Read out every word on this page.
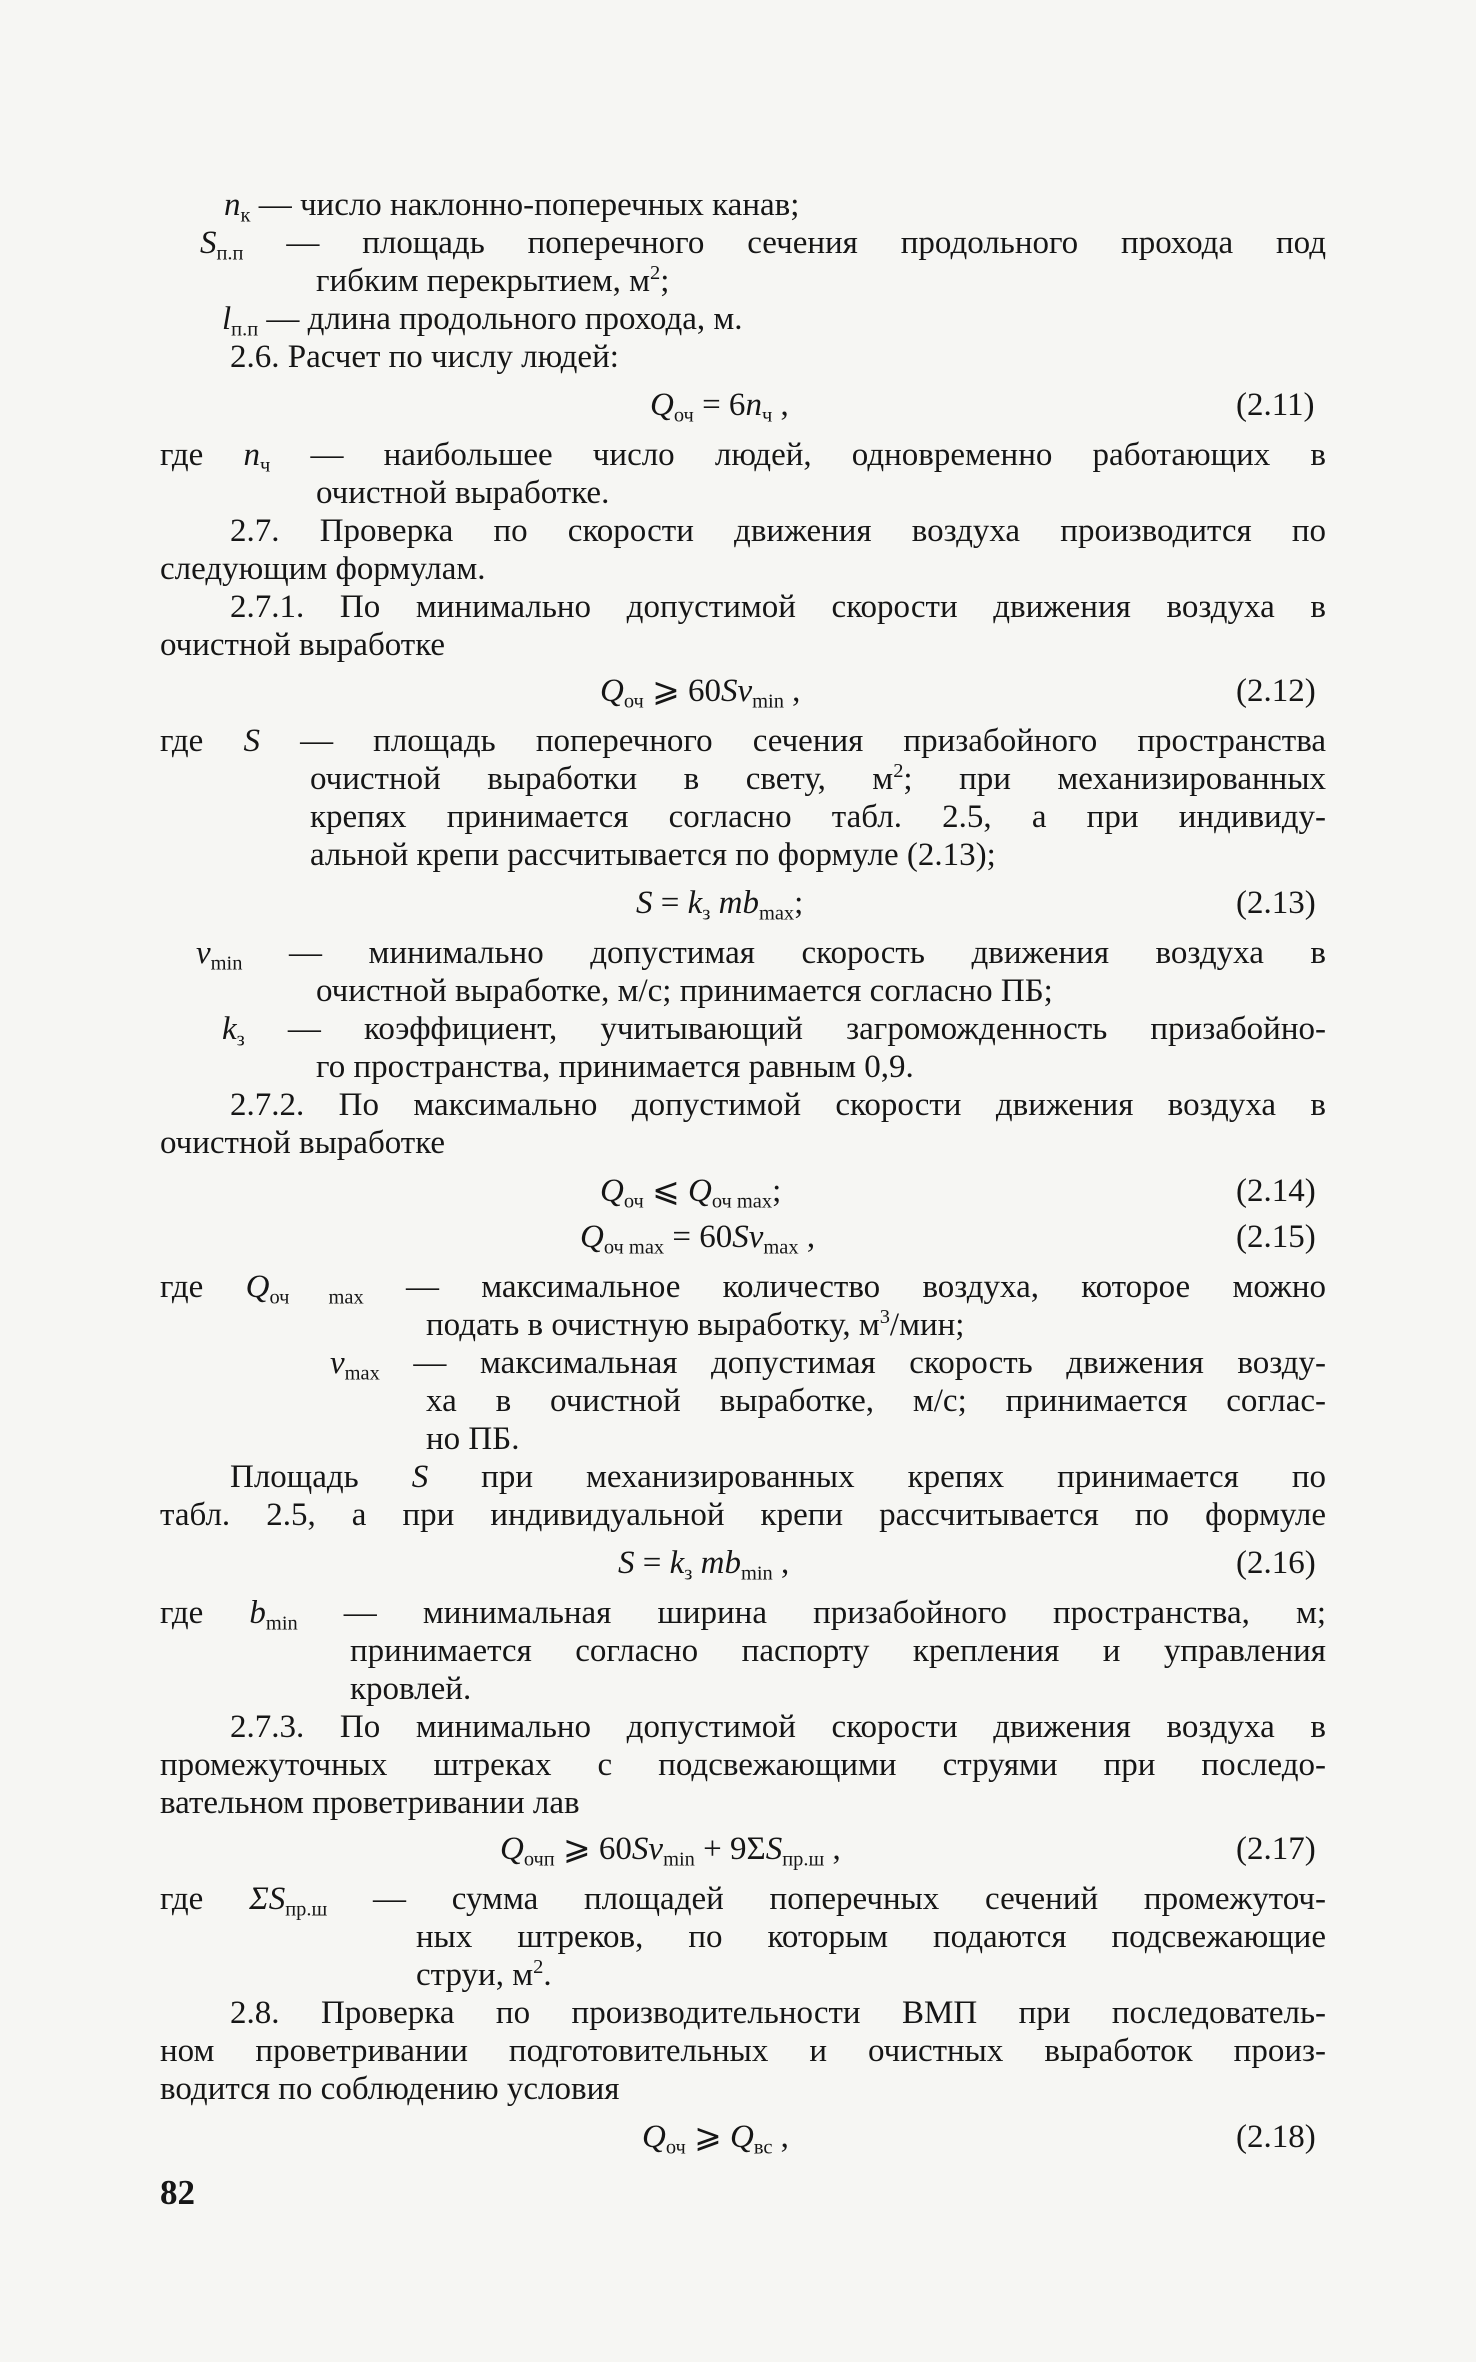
$n_к$ — число наклонно-поперечных канав;
$S_{п.п}$ — площадь поперечного сечения продольного прохода под
гибким перекрытием, $м^2$;
$l_{п.п}$ — длина продольного прохода, м.
2.6. Расчет по числу людей:
$Q_{оч} = 6n_ч$ ,	(2.11)
где $n_ч$ — наибольшее число людей, одновременно работающих в
очистной выработке.
2.7. Проверка по скорости движения воздуха производится по
следующим формулам.
2.7.1. По минимально допустимой скорости движения воздуха в
очистной выработке
$Q_{оч}$ ⩾ $60Sv_{min}$ ,	(2.12)
где S — площадь поперечного сечения призабойного пространства
очистной выработки в свету, $м^2$; при механизированных
крепях принимается согласно табл. 2.5, а при индивиду-
альной крепи рассчитывается по формуле (2.13);
$S = k_з$ $mb_{max}$;	(2.13)
$v_{min}$ — минимально допустимая скорость движения воздуха в
очистной выработке, м/с; принимается согласно ПБ;
$k_з$ — коэффициент, учитывающий загроможденность призабойно-
го пространства, принимается равным 0,9.
2.7.2. По максимально допустимой скорости движения воздуха в
очистной выработке
$Q_{оч}$ ⩽ $Q_{оч max}$;	(2.14)
$Q_{оч max} = 60Sv_{max}$ ,	(2.15)
где $Q_{оч max}$ — максимальное количество воздуха, которое можно
подать в очистную выработку, $м^3$/мин;
$v_{max}$ — максимальная допустимая скорость движения возду-
ха в очистной выработке, м/с; принимается соглас-
но ПБ.
Площадь S при механизированных крепях принимается по
табл. 2.5, а при индивидуальной крепи рассчитывается по формуле
$S = k_з$ $mb_{min}$ ,	(2.16)
где $b_{min}$ — минимальная ширина призабойного пространства, м;
принимается согласно паспорту крепления и управления
кровлей.
2.7.3. По минимально допустимой скорости движения воздуха в
промежуточных штреках с подсвежающими струями при последо-
вательном проветривании лав
$Q_{очп}$ ⩾ $60Sv_{min} + 9\Sigma S_{пр.ш}$ ,	(2.17)
где $\Sigma S_{пр.ш}$ — сумма площадей поперечных сечений промежуточ-
ных штреков, по которым подаются подсвежающие
струи, $м^2$.
2.8. Проверка по производительности ВМП при последователь-
ном проветривании подготовительных и очистных выработок произ-
водится по соблюдению условия
$Q_{оч}$ ⩾ $Q_{вс}$ ,	(2.18)
82
